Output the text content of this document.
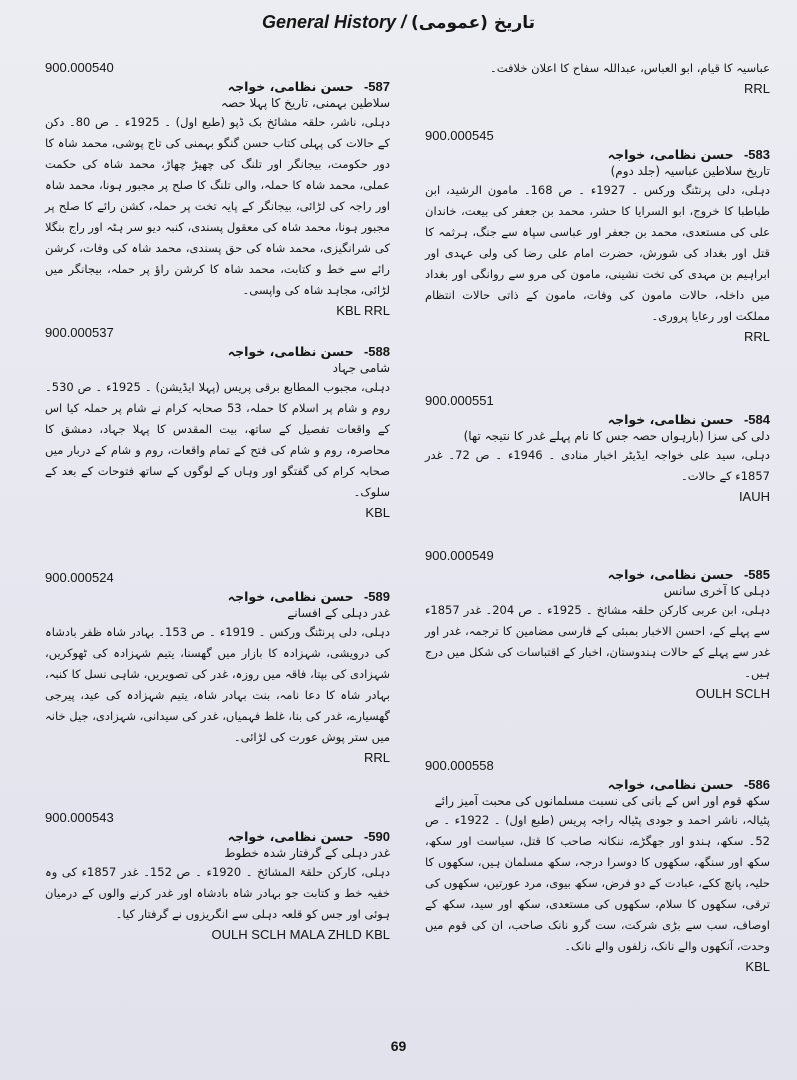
General History / تاریخ (عمومی)
900.000540
587- حسن نظامی، خواجہ
سلاطین بہمنی، تاریخ کا پہلا حصہ
دہلی، ناشر، حلقہ مشائخ بک ڈپو (طبع اول) ۔ 1925ء ۔ ص 80۔ دکن کے حالات کی پہلی کتاب حسن گنگو بہمنی کی تاج پوشی، محمد شاہ کا دور حکومت، بیجانگر اور تلنگ کی چھیڑ چھاڑ، محمد شاہ کی حکمت عملی، محمد شاہ کا حملہ، والی تلنگ کا صلح پر مجبور ہونا، محمد شاہ اور راجہ کی لڑائی، بیجانگر کے پایہ تخت پر حملہ، کشن رائے کا صلح پر مجبور ہونا، محمد شاہ کی معقول پسندی، کنبہ دیو سر ہٹہ اور راج بنگلا کی شرانگیزی، محمد شاہ کی حق پسندی، محمد شاہ کی وفات، کرشن رائے سے خط و کتابت، محمد شاہ کا کرشن راؤ پر حملہ، بیجانگر میں لڑائی، مجاہد شاہ کی واپسی۔
KBL RRL
900.000537
588- حسن نظامی، خواجہ
شامی جہاد
دہلی، مجبوب المطابع برقی پریس (پہلا ایڈیشن) ۔ 1925ء ۔ ص 530۔ روم و شام پر اسلام کا حملہ، 53 صحابہ کرام نے شام پر حملہ کیا اس کے واقعات تفصیل کے ساتھ، بیت المقدس کا پہلا جہاد، دمشق کا محاصرہ، روم و شام کی فتح کے تمام واقعات، روم و شام کے دربار میں صحابہ کرام کی گفتگو اور وہاں کے لوگوں کے ساتھ فتوحات کے بعد کے سلوک۔
KBL
900.000524
589- حسن نظامی، خواجہ
غدر دہلی کے افسانے
دہلی، دلی پرنٹنگ ورکس ۔ 1919ء ۔ ص 153۔ بہادر شاہ ظفر بادشاہ کی درویشی، شہزادہ کا بازار میں گھسنا، یتیم شہزادہ کی ٹھوکریں، شہزادی کی بپتا، فاقہ میں روزہ، غدر کی تصویریں، شاہی نسل کا کنبہ، بہادر شاہ کا دعا نامہ، بنت بہادر شاہ، یتیم شہزادہ کی عید، پیرجی گھسیارے، غدر کی بنا، غلط فہمیاں، غدر کی سیدانی، شہزادی، جیل خانہ میں ستر پوش عورت کی لڑائی۔
RRL
900.000543
590- حسن نظامی، خواجہ
غدر دہلی کے گرفتار شدہ خطوط
دہلی، کارکن حلقۃ المشائخ ۔ 1920ء ۔ ص 152۔ غدر 1857ء کی وہ خفیہ خط و کتابت جو بہادر شاہ بادشاہ اور غدر کرنے والوں کے درمیان ہوئی اور جس کو قلعہ دہلی سے انگریزوں نے گرفتار کیا۔
OULH SCLH MALA ZHLD KBL
عباسیہ کا قیام، ابو العباس، عبداللہ سفاح کا اعلان خلافت۔
RRL
900.000545
583- حسن نظامی، خواجہ
تاریخ سلاطین عباسیہ (جلد دوم)
دہلی، دلی پرنٹنگ ورکس ۔ 1927ء ۔ ص 168۔ مامون الرشید، ابن طباطبا کا خروج، ابو السرایا کا حشر، محمد بن جعفر کی بیعت، خاندان علی کی مستعدی، محمد بن جعفر اور عباسی سپاہ سے جنگ، ہرثمہ کا قتل اور بغداد کی شورش، حضرت امام علی رضا کی ولی عہدی اور ابراہیم بن مہدی کی تخت نشینی، مامون کی مرو سے روانگی اور بغداد میں داخلہ، حالات مامون کی وفات، مامون کے ذاتی حالات انتظام مملکت اور رعایا پروری۔
RRL
900.000551
584- حسن نظامی، خواجہ
دلی کی سزا (بارہواں حصہ جس کا نام پہلے غدر کا نتیجہ تھا)
دہلی، سید علی خواجہ ایڈیٹر اخبار منادی ۔ 1946ء ۔ ص 72۔ غدر 1857ء کے حالات۔
IAUH
900.000549
585- حسن نظامی، خواجہ
دہلی کا آخری سانس
دہلی، ابن عربی کارکن حلقہ مشائخ ۔ 1925ء ۔ ص 204۔ غدر 1857ء سے پہلے کے، احسن الاخبار بمبئی کے فارسی مضامین کا ترجمہ، غدر اور غدر سے پہلے کے حالات ہندوستان، اخبار کے اقتباسات کی شکل میں درج ہیں۔
OULH SCLH
900.000558
586- حسن نظامی، خواجہ
سکھ قوم اور اس کے بانی کی نسبت مسلمانوں کی محبت آمیز رائے
پٹیالہ، ناشر احمد و جودی پٹیالہ راجہ پریس (طبع اول) ۔ 1922ء ۔ ص 52۔ سکھ، ہندو اور جھگڑے، ننکانہ صاحب کا قتل، سیاست اور سکھ، سکھ اور سنگھ، سکھوں کا دوسرا درجہ، سکھ مسلمان ہیں، سکھوں کا حلیہ، پانچ ککے، عبادت کے دو فرض، سکھ بیوی، مرد عورتیں، سکھوں کی ترقی، سکھوں کا سلام، سکھوں کی مستعدی، سکھ اور سید، سکھ کے اوصاف، سب سے بڑی شرکت، ست گرو نانک صاحب، ان کی قوم میں وحدت، آنکھوں والے نانک، زلفوں والے نانک۔
KBL
69
